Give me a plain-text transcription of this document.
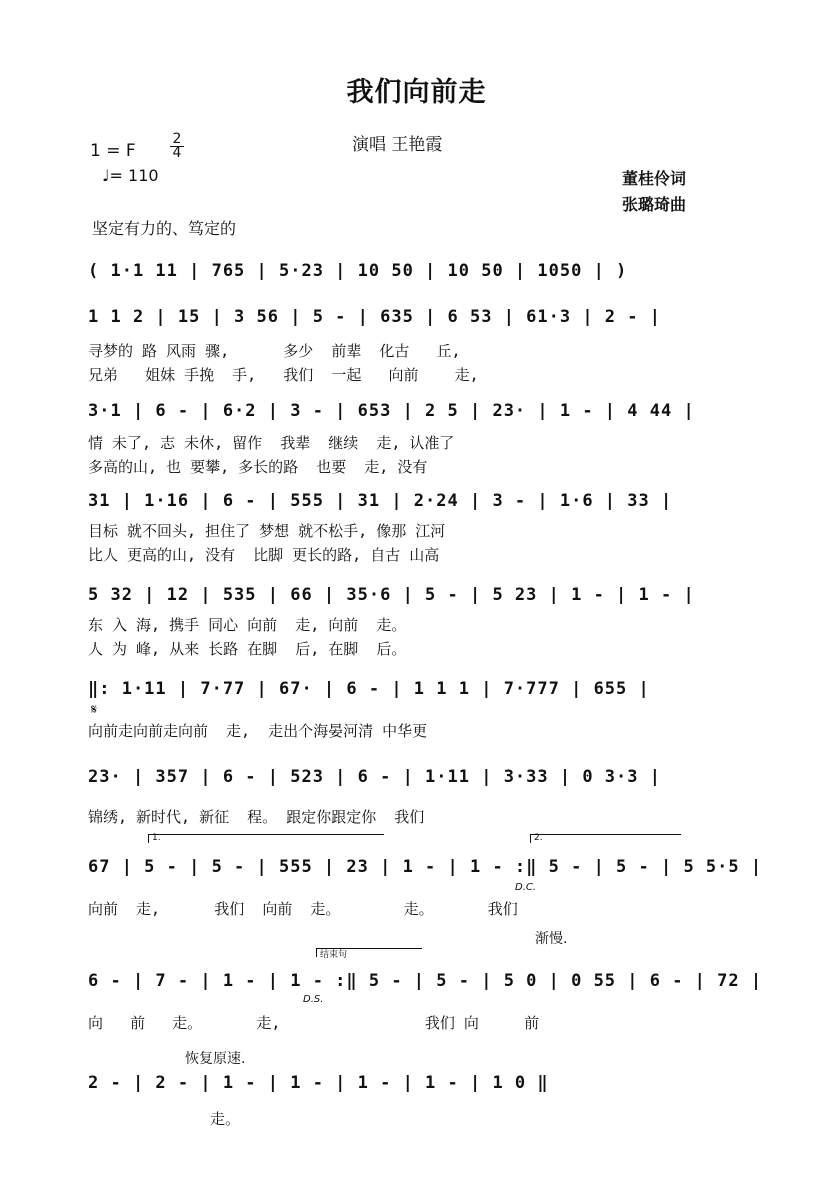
我们向前走
演唱 王艳霞
1 = F
2
4
♩= 110	董桂伶词
张璐琦曲
坚定有力的、笃定的
( 1·1 11 | 765 | 5·23 | 10 50 | 10 50 | 1050 | )
1 1 2 | 15 | 3 56 | 5 - | 635 | 6 53 | 61·3 | 2 - |
寻梦的 路 风雨 骤,      多少  前辈  化古   丘,
兄弟   姐妹 手挽  手,   我们  一起   向前    走,
3·1 | 6 - | 6·2 | 3 - | 653 | 2 5 | 23· | 1 - | 4 44 |
情 未了, 志 未休, 留作  我辈  继续  走, 认准了
多高的山, 也 要攀, 多长的路  也要  走, 没有
31 | 1·16 | 6 - | 555 | 31 | 2·24 | 3 - | 1·6 | 33 |
目标 就不回头, 担住了 梦想 就不松手, 像那 江河
比人 更高的山, 没有  比脚 更长的路, 自古 山高
5 32 | 12 | 535 | 66 | 35·6 | 5 - | 5 23 | 1 - | 1 - |
东 入 海, 携手 同心 向前  走, 向前  走。
人 为 峰, 从来 长路 在脚  后, 在脚  后。
‖: 1·11 | 7·77 | 67· | 6 - | 1 1 1 | 7·777 | 655 |
𝄋
向前走向前走向前  走,  走出个海晏河清 中华更
23· | 357 | 6 - | 523 | 6 - | 1·11 | 3·33 | 0 3·3 |
锦绣, 新时代, 新征  程。 跟定你跟定你  我们
1.	2.
67 | 5 - | 5 - | 555 | 23 | 1 - | 1 - :‖ 5 - | 5 - | 5 5·5 |
D.C.
向前  走,      我们  向前  走。       走。      我们
渐慢.
结束句
6 - | 7 - | 1 - | 1 - :‖ 5 - | 5 - | 5 0 | 0 55 | 6 - | 72 |
D.S.
向   前   走。      走,                我们 向     前
恢复原速.
2 - | 2 - | 1 - | 1 - | 1 - | 1 - | 1 0 ‖
走。
